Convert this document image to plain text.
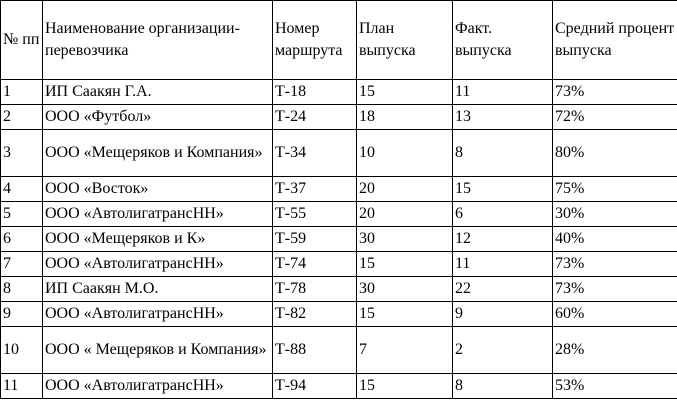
№ пп	Наименование организации-перевозчика	Номер маршрута	План выпуска	Факт. выпуска	Средний процент выпуска
1	ИП Саакян Г.А.	Т-18	15	11	73%
2	ООО «Футбол»	Т-24	18	13	72%
3	ООО «Мещеряков и Компания»	Т-34	10	8	80%
4	ООО «Восток»	Т-37	20	15	75%
5	ООО «АвтолигатрансНН»	Т-55	20	6	30%
6	ООО «Мещеряков и К»	Т-59	30	12	40%
7	ООО «АвтолигатрансНН»	Т-74	15	11	73%
8	ИП Саакян М.О.	Т-78	30	22	73%
9	ООО «АвтолигатрансНН»	Т-82	15	9	60%
10	ООО « Мещеряков и Компания»	Т-88	7	2	28%
11	ООО «АвтолигатрансНН»	Т-94	15	8	53%
